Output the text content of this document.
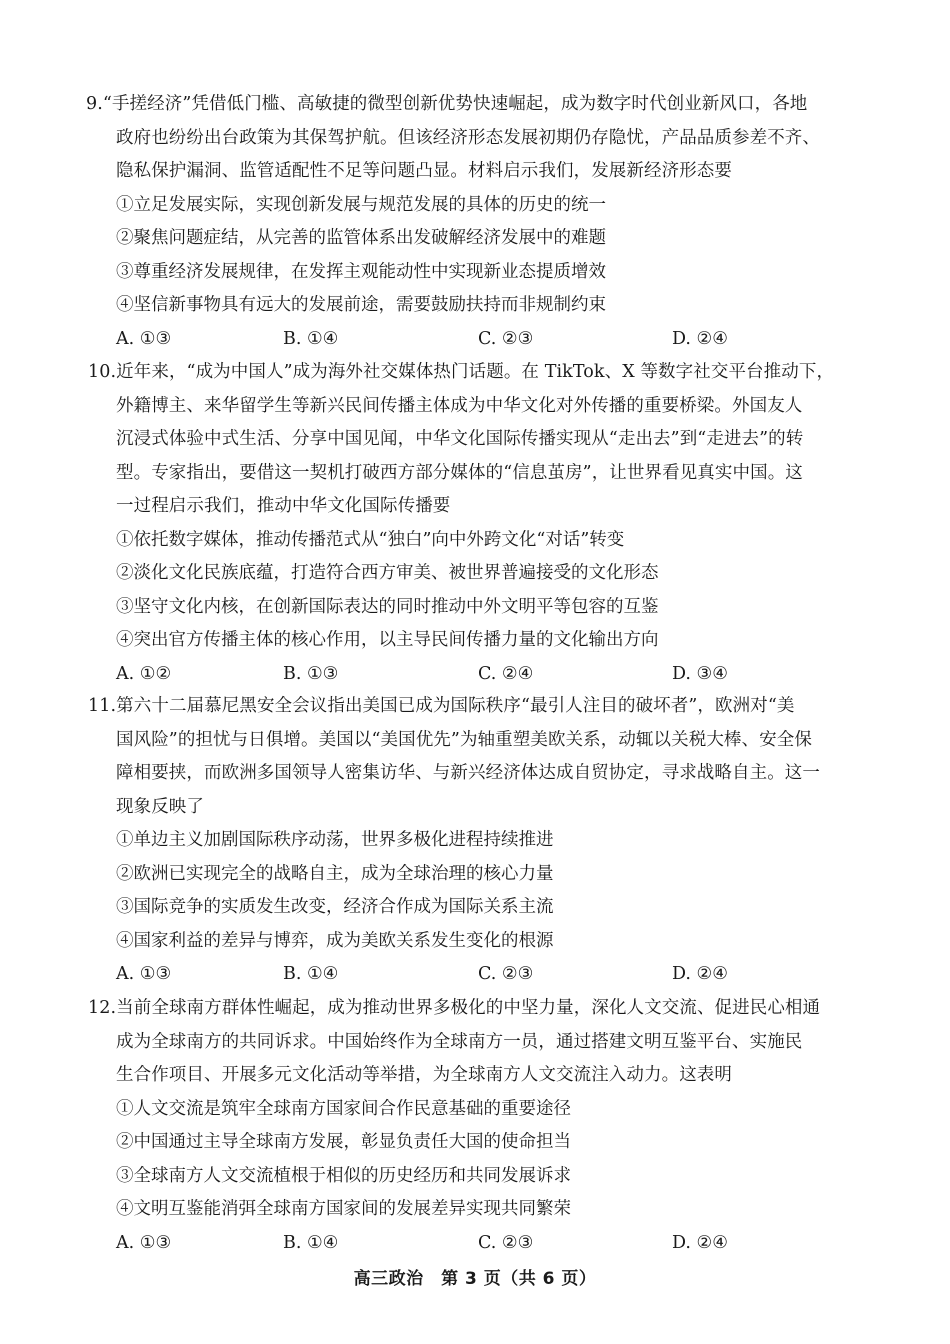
9.“手搓经济”凭借低门槛、高敏捷的微型创新优势快速崛起，成为数字时代创业新风口，各地
政府也纷纷出台政策为其保驾护航。但该经济形态发展初期仍存隐忧，产品品质参差不齐、
隐私保护漏洞、监管适配性不足等问题凸显。材料启示我们，发展新经济形态要
①立足发展实际，实现创新发展与规范发展的具体的历史的统一
②聚焦问题症结，从完善的监管体系出发破解经济发展中的难题
③尊重经济发展规律，在发挥主观能动性中实现新业态提质增效
④坚信新事物具有远大的发展前途，需要鼓励扶持而非规制约束
A. ①③	B. ①④	C. ②③	D. ②④
10.近年来，“成为中国人”成为海外社交媒体热门话题。在 TikTok、X 等数字社交平台推动下，
外籍博主、来华留学生等新兴民间传播主体成为中华文化对外传播的重要桥梁。外国友人
沉浸式体验中式生活、分享中国见闻，中华文化国际传播实现从“走出去”到“走进去”的转
型。专家指出，要借这一契机打破西方部分媒体的“信息茧房”，让世界看见真实中国。这
一过程启示我们，推动中华文化国际传播要
①依托数字媒体，推动传播范式从“独白”向中外跨文化“对话”转变
②淡化文化民族底蕴，打造符合西方审美、被世界普遍接受的文化形态
③坚守文化内核，在创新国际表达的同时推动中外文明平等包容的互鉴
④突出官方传播主体的核心作用，以主导民间传播力量的文化输出方向
A. ①②	B. ①③	C. ②④	D. ③④
11.第六十二届慕尼黑安全会议指出美国已成为国际秩序“最引人注目的破坏者”，欧洲对“美
国风险”的担忧与日俱增。美国以“美国优先”为轴重塑美欧关系，动辄以关税大棒、安全保
障相要挟，而欧洲多国领导人密集访华、与新兴经济体达成自贸协定，寻求战略自主。这一
现象反映了
①单边主义加剧国际秩序动荡，世界多极化进程持续推进
②欧洲已实现完全的战略自主，成为全球治理的核心力量
③国际竞争的实质发生改变，经济合作成为国际关系主流
④国家利益的差异与博弈，成为美欧关系发生变化的根源
A. ①③	B. ①④	C. ②③	D. ②④
12.当前全球南方群体性崛起，成为推动世界多极化的中坚力量，深化人文交流、促进民心相通
成为全球南方的共同诉求。中国始终作为全球南方一员，通过搭建文明互鉴平台、实施民
生合作项目、开展多元文化活动等举措，为全球南方人文交流注入动力。这表明
①人文交流是筑牢全球南方国家间合作民意基础的重要途径
②中国通过主导全球南方发展，彰显负责任大国的使命担当
③全球南方人文交流植根于相似的历史经历和共同发展诉求
④文明互鉴能消弭全球南方国家间的发展差异实现共同繁荣
A. ①③	B. ①④	C. ②③	D. ②④
高三政治　第 3 页（共 6 页）
